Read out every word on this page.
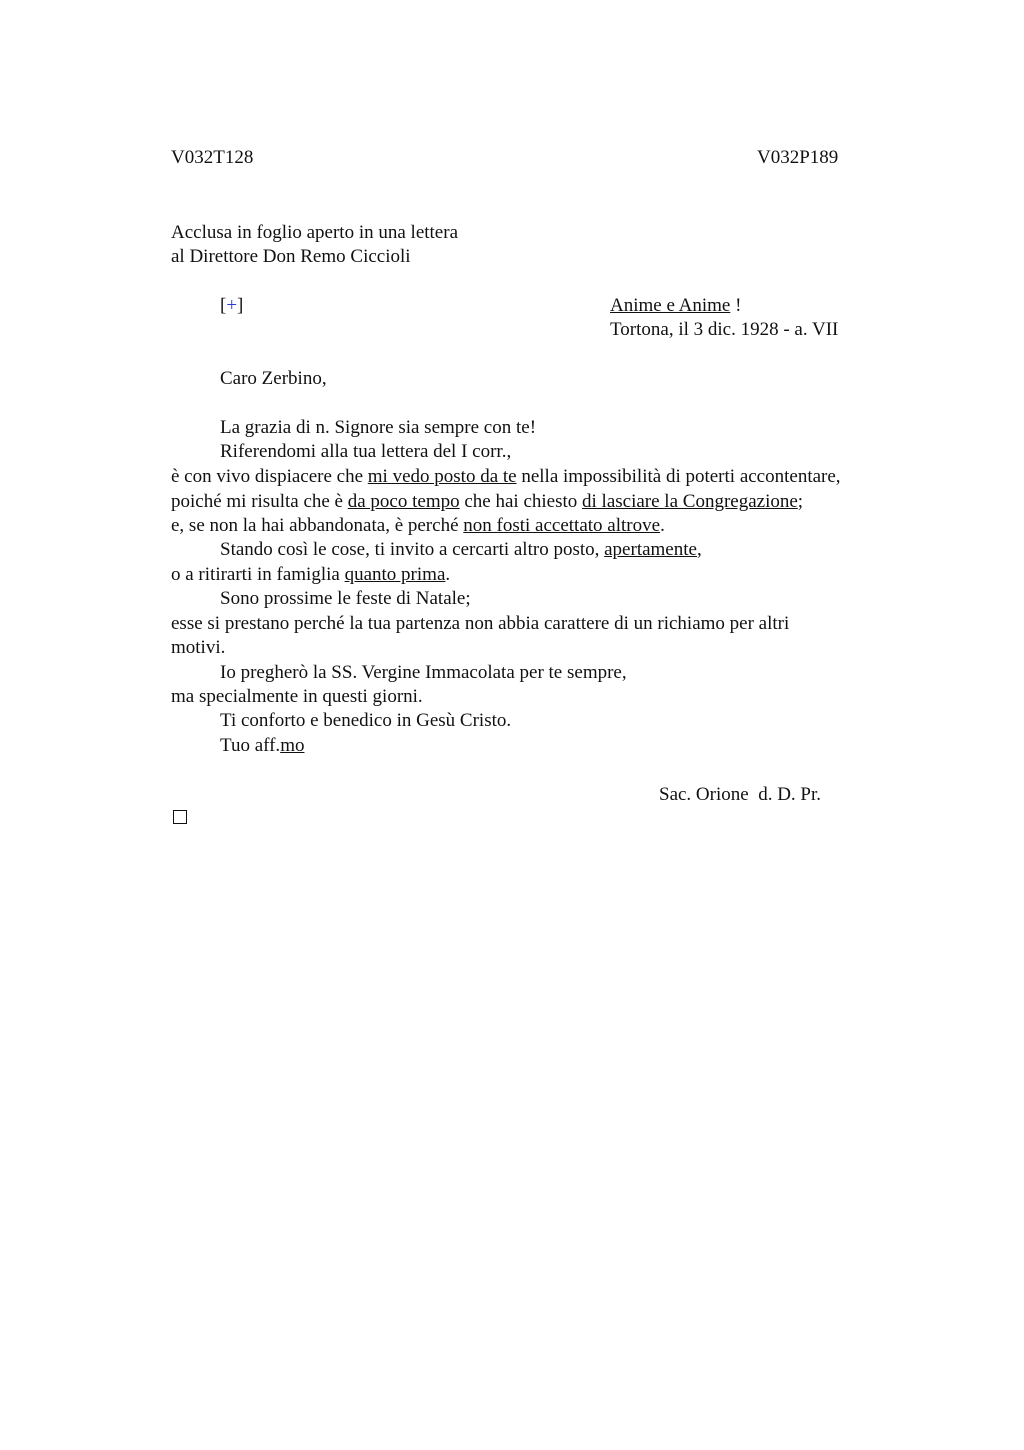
V032T128	V032P189
Acclusa in foglio aperto in una lettera
al Direttore Don Remo Ciccioli
[+]	Anime e Anime !
Tortona, il 3 dic. 1928 - a. VII
Caro Zerbino,
La grazia di n. Signore sia sempre con te!
Riferendomi alla tua lettera del I corr.,
è con vivo dispiacere che mi vedo posto da te nella impossibilità di poterti accontentare,
poiché mi risulta che è da poco tempo che hai chiesto di lasciare la Congregazione;
e, se non la hai abbandonata, è perché non fosti accettato altrove.
Stando così le cose, ti invito a cercarti altro posto, apertamente,
o a ritirarti in famiglia quanto prima.
Sono prossime le feste di Natale;
esse si prestano perché la tua partenza non abbia carattere di un richiamo per altri
motivi.
Io pregherò la SS. Vergine Immacolata per te sempre,
ma specialmente in questi giorni.
Ti conforto e benedico in Gesù Cristo.
Tuo aff.mo
Sac. Orione  d. D. Pr.
